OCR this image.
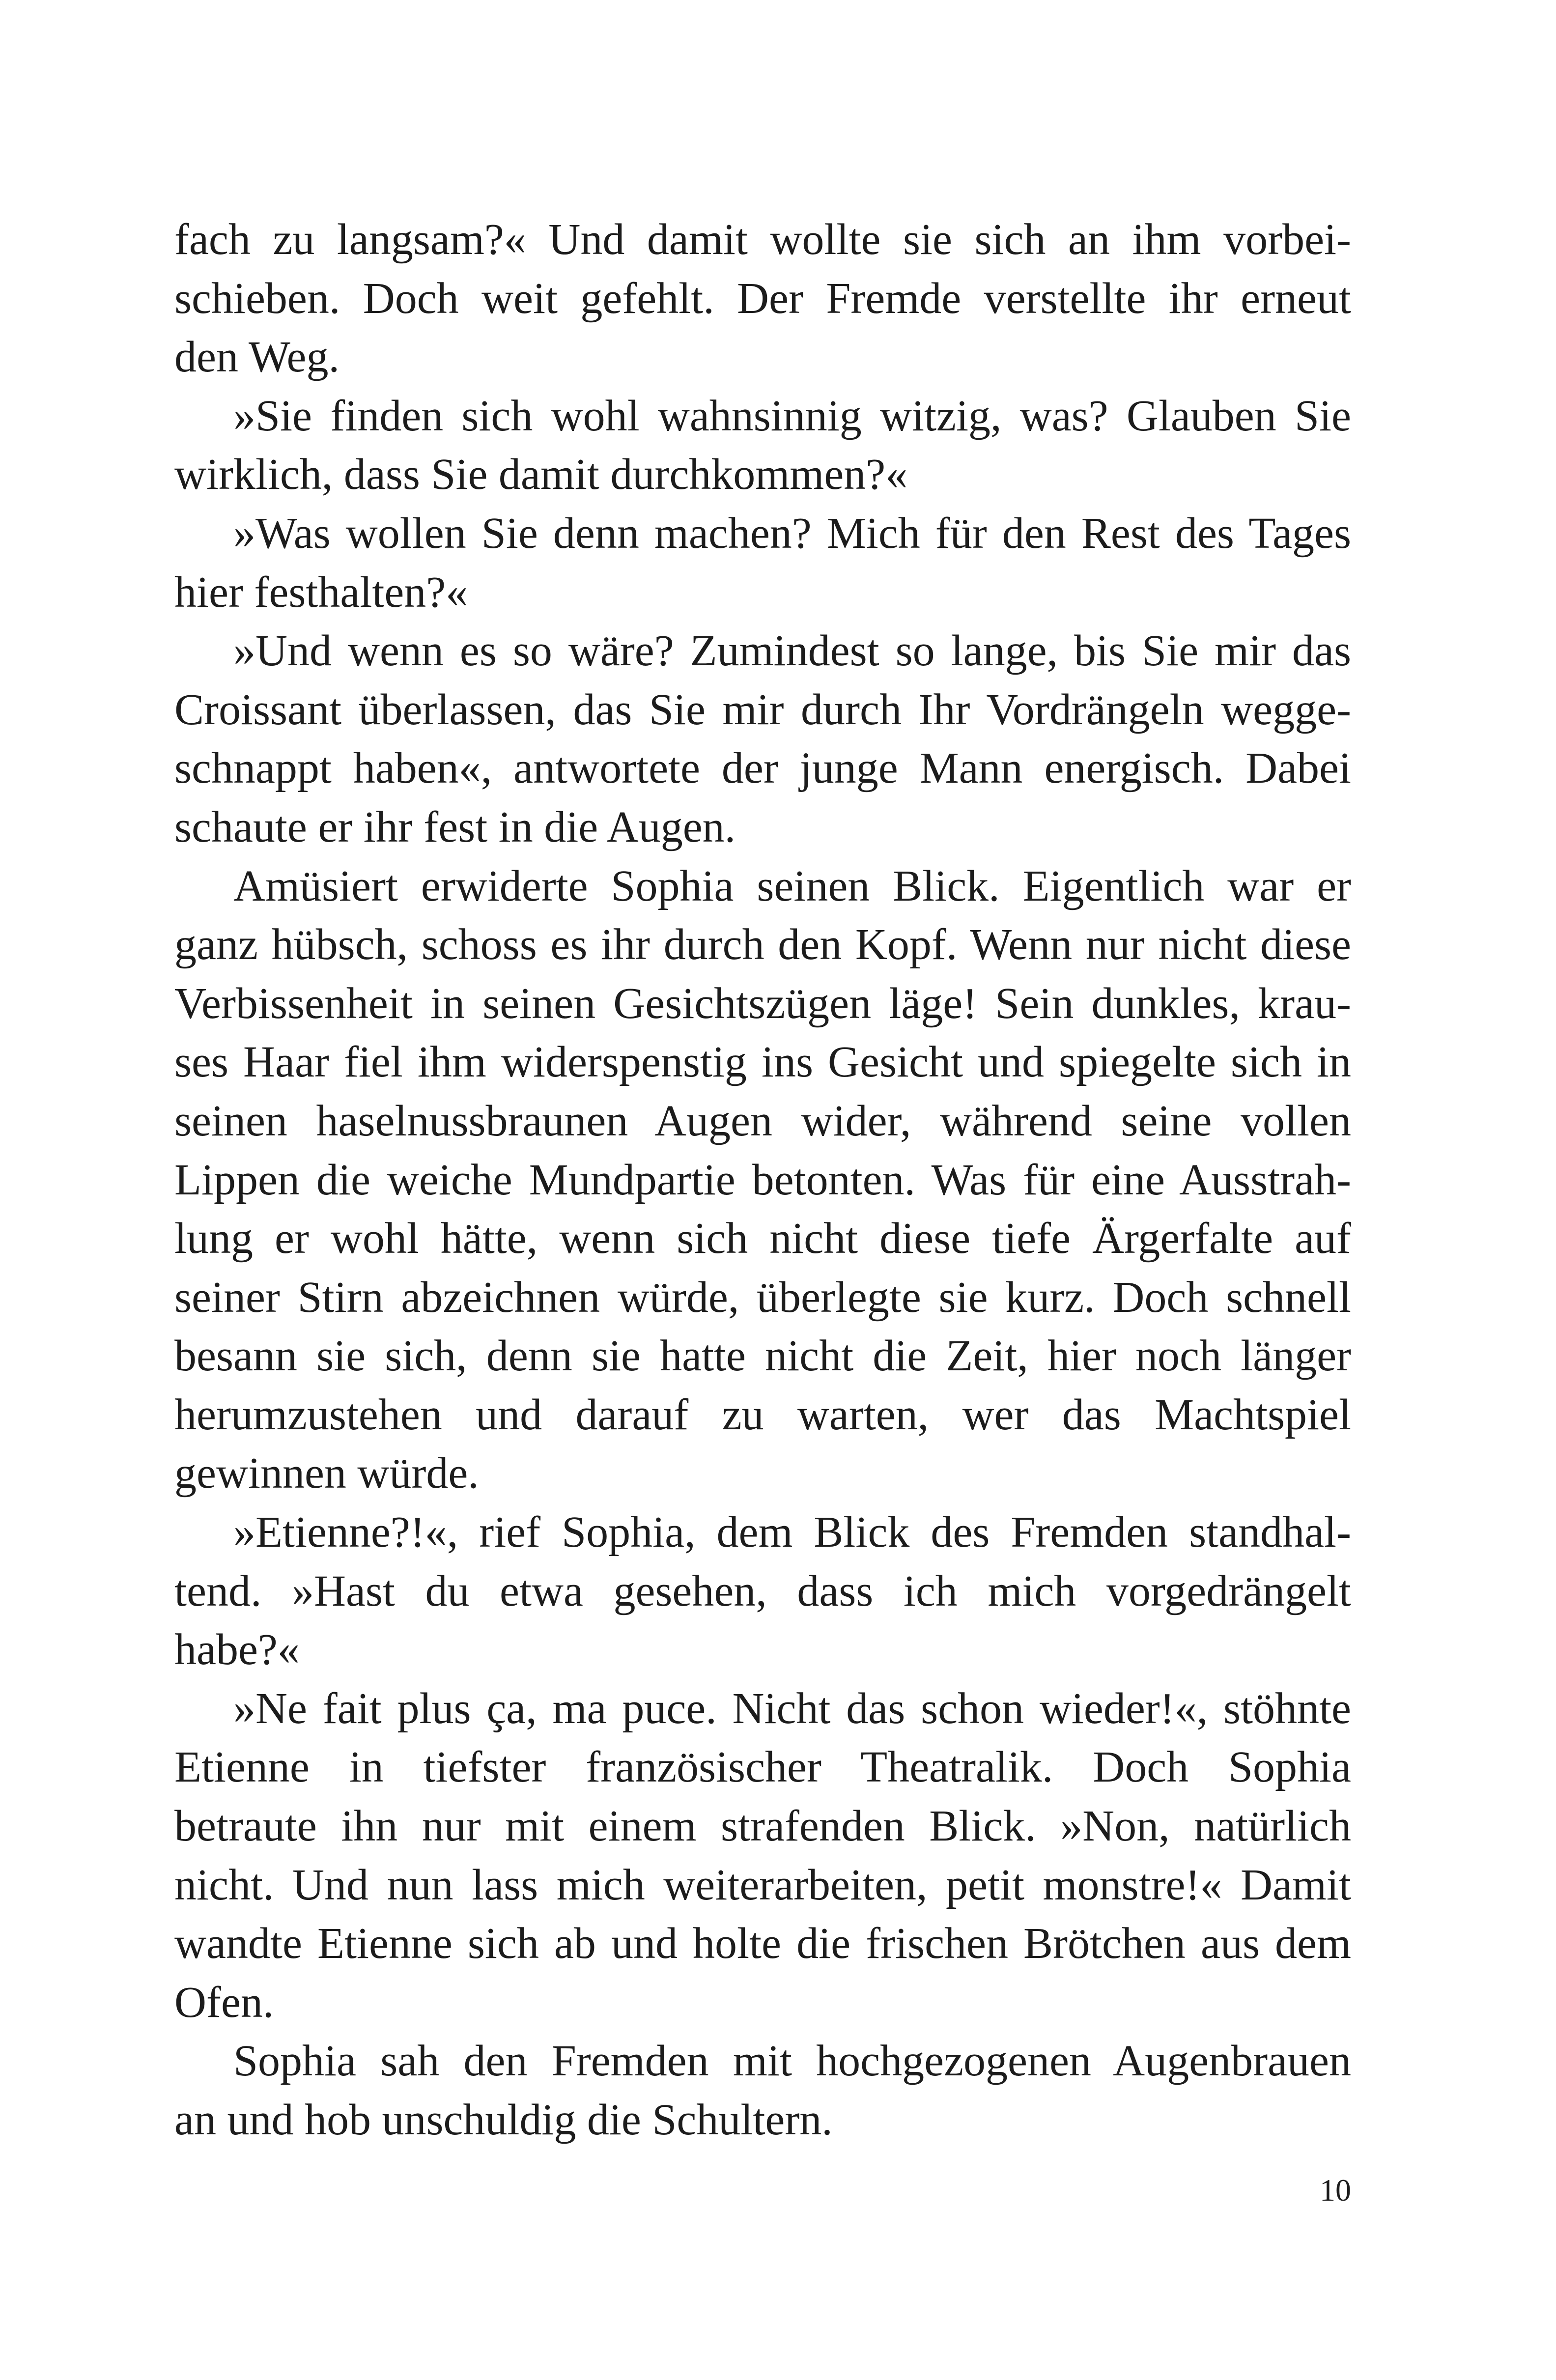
fach zu langsam?« Und damit wollte sie sich an ihm vorbei-
schieben. Doch weit gefehlt. Der Fremde verstellte ihr erneut
den Weg.
»Sie finden sich wohl wahnsinnig witzig, was? Glauben Sie
wirklich, dass Sie damit durchkommen?«
»Was wollen Sie denn machen? Mich für den Rest des Tages
hier festhalten?«
»Und wenn es so wäre? Zumindest so lange, bis Sie mir das
Croissant überlassen, das Sie mir durch Ihr Vordrängeln wegge-
schnappt haben«, antwortete der junge Mann energisch. Dabei
schaute er ihr fest in die Augen.
Amüsiert erwiderte Sophia seinen Blick. Eigentlich war er
ganz hübsch, schoss es ihr durch den Kopf. Wenn nur nicht diese
Verbissenheit in seinen Gesichtszügen läge! Sein dunkles, krau-
ses Haar fiel ihm widerspenstig ins Gesicht und spiegelte sich in
seinen haselnussbraunen Augen wider, während seine vollen
Lippen die weiche Mundpartie betonten. Was für eine Ausstrah-
lung er wohl hätte, wenn sich nicht diese tiefe Ärgerfalte auf
seiner Stirn abzeichnen würde, überlegte sie kurz. Doch schnell
besann sie sich, denn sie hatte nicht die Zeit, hier noch länger
herumzustehen und darauf zu warten, wer das Machtspiel
gewinnen würde.
»Etienne?!«, rief Sophia, dem Blick des Fremden standhal-
tend. »Hast du etwa gesehen, dass ich mich vorgedrängelt
habe?«
»Ne fait plus ça, ma puce. Nicht das schon wieder!«, stöhnte
Etienne in tiefster französischer Theatralik. Doch Sophia
betraute ihn nur mit einem strafenden Blick. »Non, natürlich
nicht. Und nun lass mich weiterarbeiten, petit monstre!« Damit
wandte Etienne sich ab und holte die frischen Brötchen aus dem
Ofen.
Sophia sah den Fremden mit hochgezogenen Augenbrauen
an und hob unschuldig die Schultern.
10
